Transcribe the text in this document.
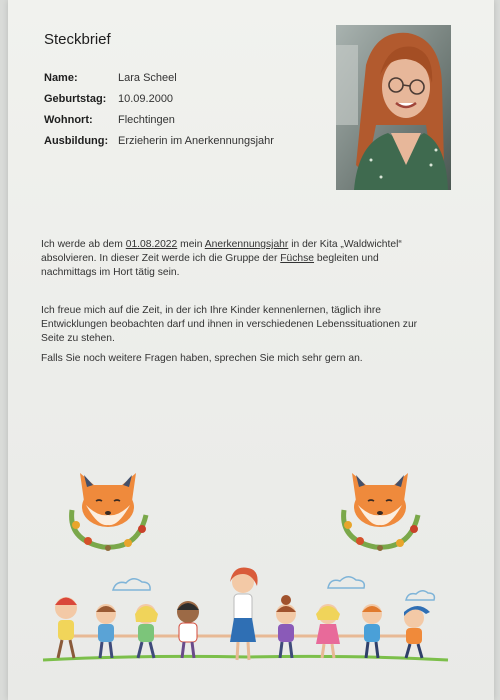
Steckbrief
Name:	Lara Scheel
Geburtstag:	10.09.2000
Wohnort:	Flechtingen
Ausbildung: Erzieherin im Anerkennungsjahr
Ich werde ab dem 01.08.2022 mein Anerkennungsjahr in der Kita „Waldwichtel“
absolvieren. In dieser Zeit werde ich die Gruppe der Füchse begleiten und
nachmittags im Hort tätig sein.
Ich freue mich auf die Zeit, in der ich Ihre Kinder kennenlernen, täglich ihre
Entwicklungen beobachten darf und ihnen in verschiedenen Lebenssituationen zur
Seite zu stehen.
Falls Sie noch weitere Fragen haben, sprechen Sie mich sehr gern an.
